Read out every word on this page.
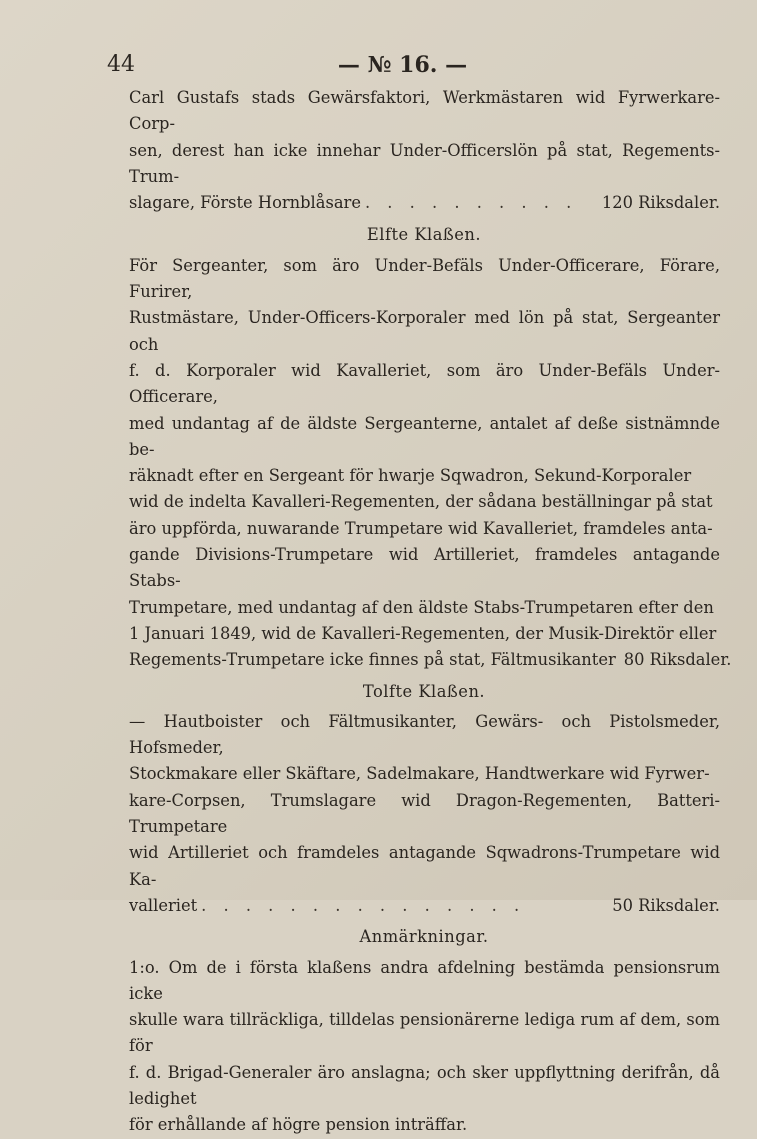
44	— № 16. —

Carl Gustafs stads Gewärsfaktori, Werkmästaren wid Fyrwerkare-Corp-

sen, derest han icke innehar Under-Officerslön på stat, Regements-Trum-

slagare, Förste Hornblåsare . . . . . . . . . .	120 Riksdaler.

Elfte Klaßen.

För Sergeanter, som äro Under-Befäls Under-Officerare, Förare, Furirer,

Rustmästare, Under-Officers-Korporaler med lön på stat, Sergeanter och

f. d. Korporaler wid Kavalleriet, som äro Under-Befäls Under-Officerare,

med undantag af de äldste Sergeanterne, antalet af deße sistnämnde be-

räknadt efter en Sergeant för hwarje Sqwadron, Sekund-Korporaler

wid de indelta Kavalleri-Regementen, der sådana beställningar på stat

äro uppförda, nuwarande Trumpetare wid Kavalleriet, framdeles anta-

gande Divisions-Trumpetare wid Artilleriet, framdeles antagande Stabs-

Trumpetare, med undantag af den äldste Stabs-Trumpetaren efter den

1 Januari 1849, wid de Kavalleri-Regementen, der Musik-Direktör eller

Regements-Trumpetare icke finnes på stat, Fältmusikanter 80 Riksdaler.

Tolfte Klaßen.

— Hautboister och Fältmusikanter, Gewärs- och Pistolsmeder, Hofsmeder,

Stockmakare eller Skäftare, Sadelmakare, Handtwerkare wid Fyrwer-

kare-Corpsen, Trumslagare wid Dragon-Regementen, Batteri-Trumpetare

wid Artilleriet och framdeles antagande Sqwadrons-Trumpetare wid Ka-

valleriet . . . . . . . . . . . . . . .	50 Riksdaler.

Anmärkningar.

1:o. Om de i första klaßens andra afdelning bestämda pensionsrum icke

skulle wara tillräckliga, tilldelas pensionärerne lediga rum af dem, som för

f. d. Brigad-Generaler äro anslagna; och sker uppflyttning derifrån, då ledighet

för erhållande af högre pension inträffar.
